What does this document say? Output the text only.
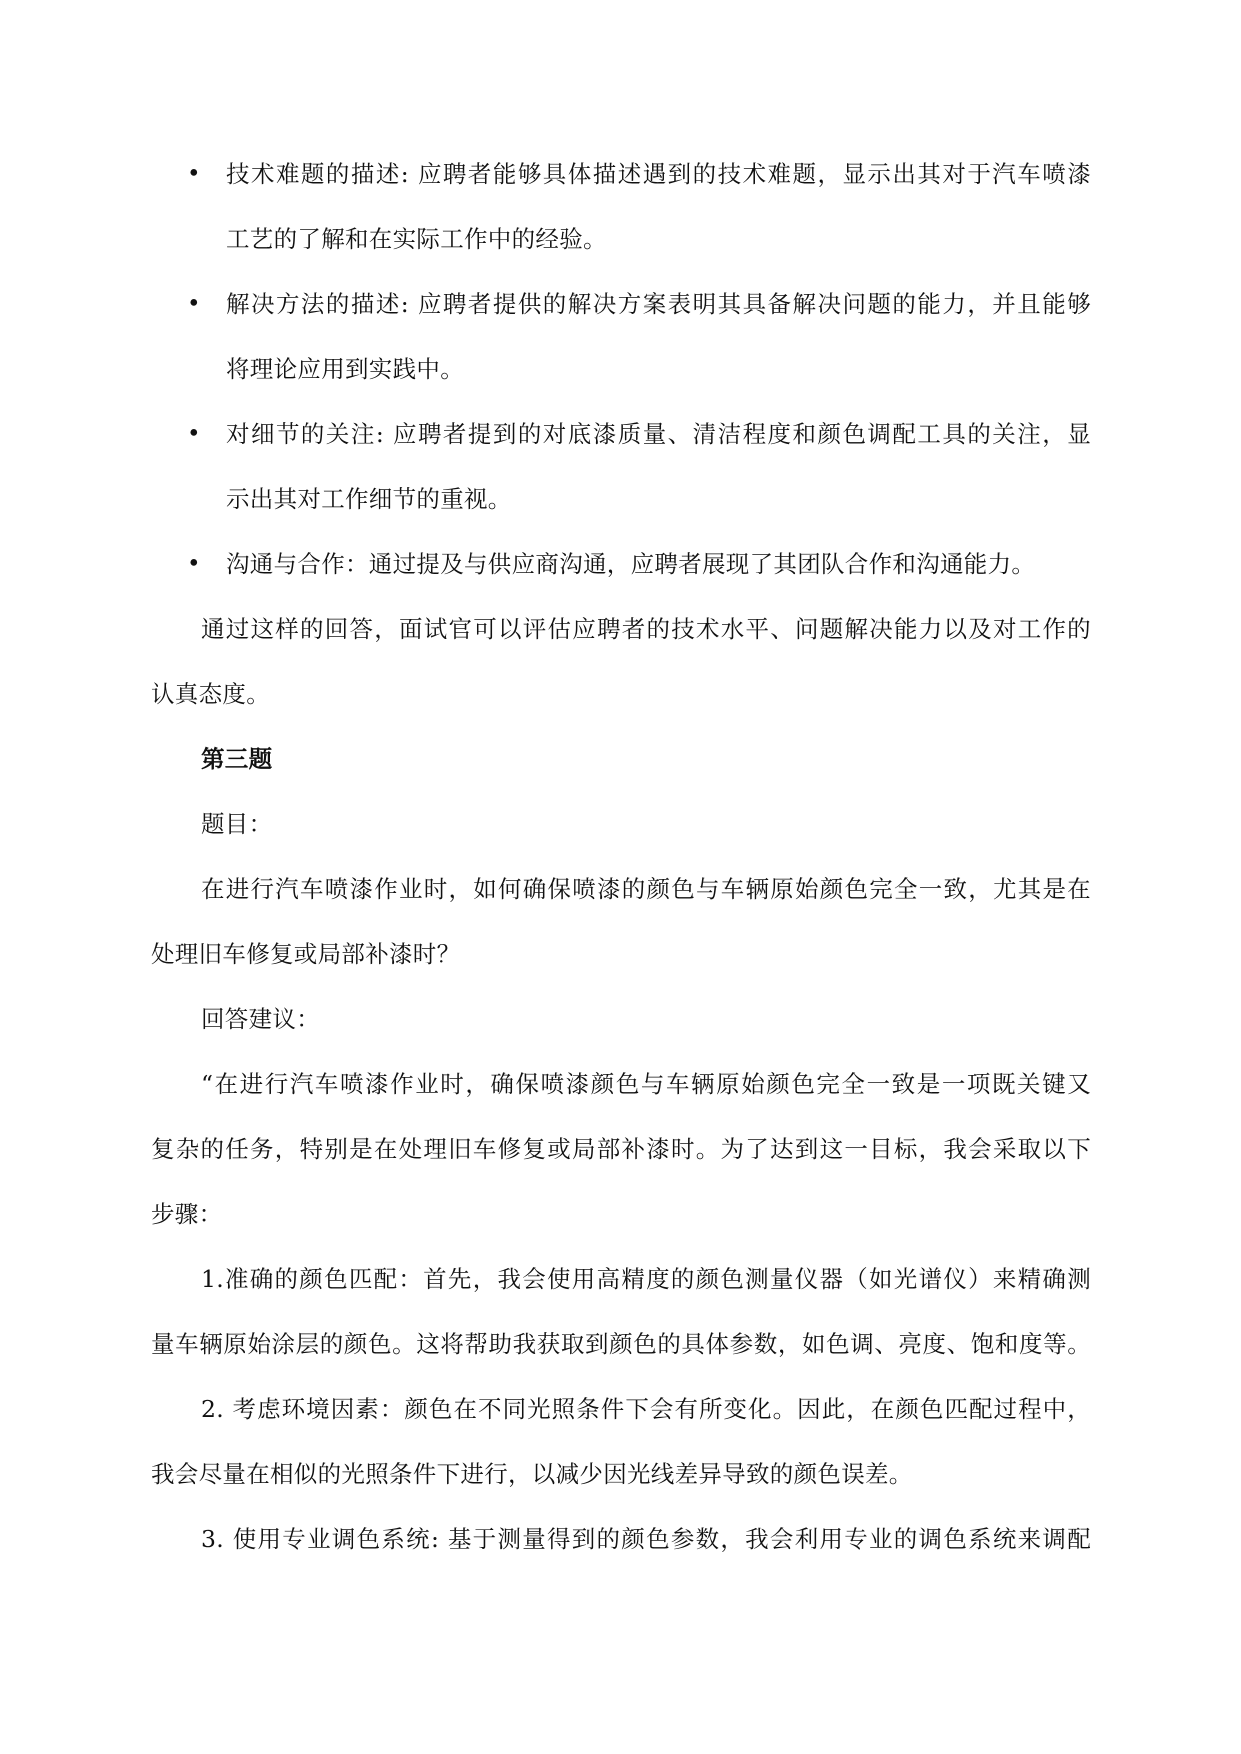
•	技术难题的描述: 应聘者能够具体描述遇到的技术难题，显示出其对于汽车喷漆
工艺的了解和在实际工作中的经验。
•	解决方法的描述: 应聘者提供的解决方案表明其具备解决问题的能力，并且能够
将理论应用到实践中。
•	对细节的关注: 应聘者提到的对底漆质量、清洁程度和颜色调配工具的关注，显
示出其对工作细节的重视。
•	沟通与合作：通过提及与供应商沟通，应聘者展现了其团队合作和沟通能力。
通过这样的回答，面试官可以评估应聘者的技术水平、问题解决能力以及对工作的
认真态度。
第三题
题目：
在进行汽车喷漆作业时，如何确保喷漆的颜色与车辆原始颜色完全一致，尤其是在
处理旧车修复或局部补漆时？
回答建议：
“在进行汽车喷漆作业时，确保喷漆颜色与车辆原始颜色完全一致是一项既关键又
复杂的任务，特别是在处理旧车修复或局部补漆时。为了达到这一目标，我会采取以下
步骤：
1.准确的颜色匹配：首先，我会使用高精度的颜色测量仪器（如光谱仪）来精确测
量车辆原始涂层的颜色。这将帮助我获取到颜色的具体参数，如色调、亮度、饱和度等。
2. 考虑环境因素：颜色在不同光照条件下会有所变化。因此，在颜色匹配过程中，
我会尽量在相似的光照条件下进行，以减少因光线差异导致的颜色误差。
3. 使用专业调色系统: 基于测量得到的颜色参数，我会利用专业的调色系统来调配
